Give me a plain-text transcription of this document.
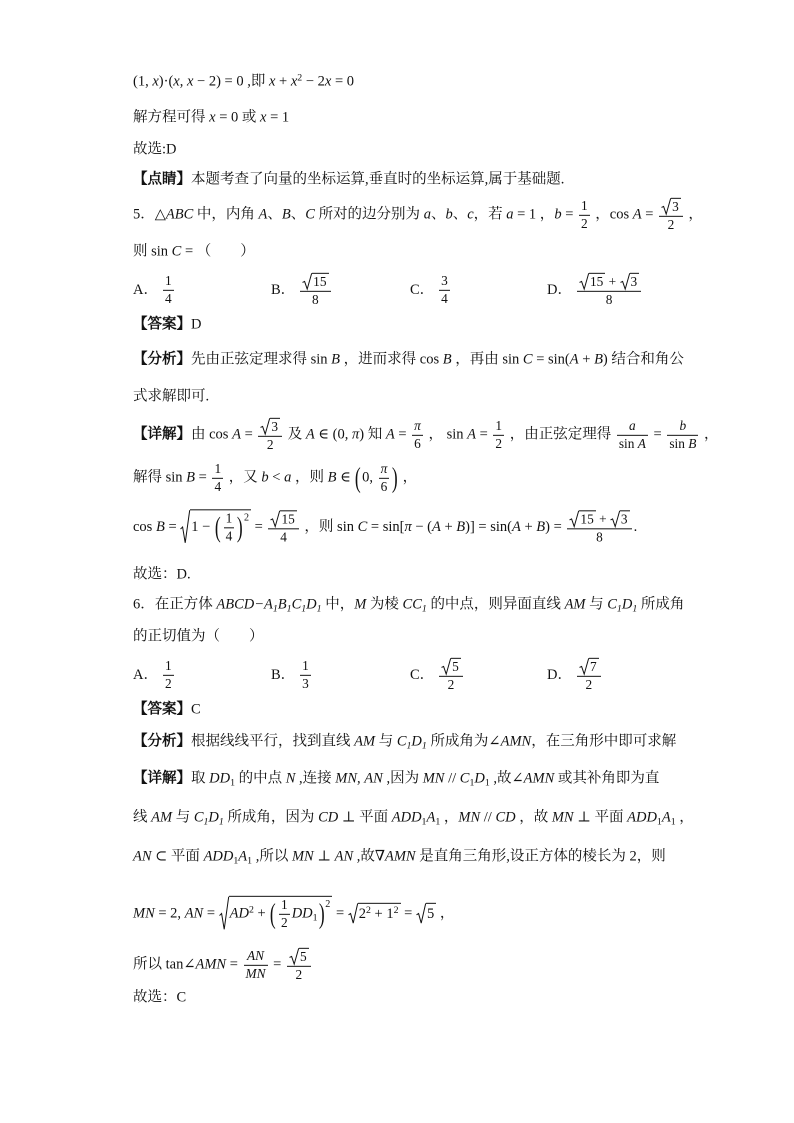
(1, x)·(x, x − 2) = 0 ,即 $x + x^2 - 2x = 0$
解方程可得 x = 0 或 x = 1
故选:D
【点睛】本题考查了向量的坐标运算,垂直时的坐标运算,属于基础题.
5．△ABC 中，内角 A、B、C 所对的边分别为 a、b、c，若 a = 1 ，$b = \frac{1}{2}$ ，$\cos A = \frac{3}{2}$ ，
则 sin C = （　　）
A． $\frac{1}{4}$	B． $\frac{15}{8}$	C． $\frac{3}{4}$	D． $\frac{15 + 3}{8}$
【答案】D
【分析】先由正弦定理求得 sin B ，进而求得 cos B ，再由 sin C = sin(A + B) 结合和角公
式求解即可.
【详解】由 $\cos A = \frac{3}{2}$ 及 A ∈ (0, π) 知 $A = \frac{\pi}{6}$ ， $\sin A = \frac{1}{2}$ ，由正弦定理得 $\frac{a}{\text{sin A}} = \frac{b}{\text{sin B}}$ ，
解得 $\sin B = \frac{1}{4}$ ，又 b < a ，则 B ∈ ( 0, $\frac{\pi}{6}$ ) ，
cos B = 1 − ( $\frac{1}{4}$ ) 2
= $\frac{15}{4}$ ，则 $\sin C = \sin[\pi - (A + B)] = \sin(A + B) = \frac{15 + 3}{8}$ .
故选：D.
6．在正方体 $ABCD-A_1B_1C_1D_1$ 中，M 为棱 $CC_1$ 的中点，则异面直线 AM 与 $C_1D_1$ 所成角
的正切值为（　　）
A． $\frac{1}{2}$	B． $\frac{1}{3}$	C． $\frac{5}{2}$	D． $\frac{7}{2}$
【答案】C
【分析】根据线线平行，找到直线 AM 与 $C_1D_1$ 所成角为∠AMN，在三角形中即可求解
【详解】取 $DD_1$ 的中点 N ,连接 MN, AN ,因为 MN // $C_1D_1$ ,故∠AMN 或其补角即为直
线 AM 与 $C_1D_1$ 所成角，因为 CD ⊥ 平面 $ADD_1A_1$ ，MN // CD ，故 MN ⊥ 平面 $ADD_1A_1$ ，
AN ⊂ 平面 $ADD_1A_1$ ,所以 MN ⊥ AN ,故∇AMN 是直角三角形,设正方体的棱长为 2，则
MN = 2, AN = $AD^2$ + ( $\frac{1}{2} DD_1$ ) 2
= $2^2 + 1^2 = 5$ ，
所以 tan∠AMN = $\frac{AN}{MN} = \frac{5}{2}$
故选：C
